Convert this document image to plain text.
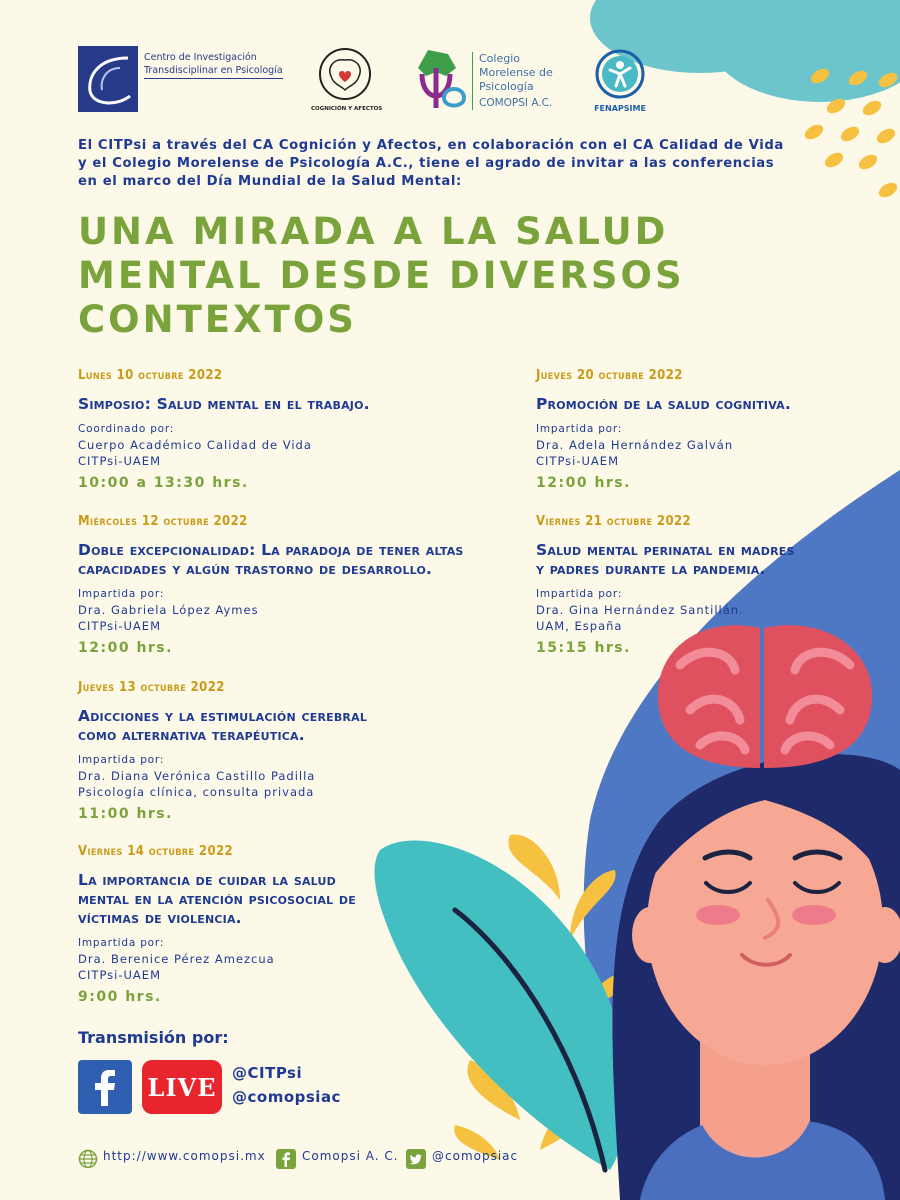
Centro de Investigación
Transdisciplinar en Psicología
COGNICIÓN Y AFECTOS
Colegio
Morelense de
Psicología
COMOPSI A.C.	FENAPSIME
El CITPsi a través del CA Cognición y Afectos, en colaboración con el CA Calidad de Vida
y el Colegio Morelense de Psicología A.C., tiene el agrado de invitar a las conferencias
en el marco del Día Mundial de la Salud Mental:
UNA MIRADA A LA SALUD
MENTAL DESDE DIVERSOS
CONTEXTOS
Lunes 10 octubre 2022
Simposio: Salud mental en el trabajo.
Coordinado por:
Cuerpo Académico Calidad de Vida
CITPsi-UAEM
10:00 a 13:30 hrs.
Miércoles 12 octubre 2022
Doble excepcionalidad: La paradoja de tener altas
capacidades y algún trastorno de desarrollo.
Impartida por:
Dra. Gabriela López Aymes
CITPsi-UAEM
12:00 hrs.
Jueves 13 octubre 2022
Adicciones y la estimulación cerebral
como alternativa terapéutica.
Impartida por:
Dra. Diana Verónica Castillo Padilla
Psicología clínica, consulta privada
11:00 hrs.
Viernes 14 octubre 2022
La importancia de cuidar la salud
mental en la atención psicosocial de
víctimas de violencia.
Impartida por:
Dra. Berenice Pérez Amezcua
CITPsi-UAEM
9:00 hrs.
Jueves 20 octubre 2022
Promoción de la salud cognitiva.
Impartida por:
Dra. Adela Hernández Galván
CITPsi-UAEM
12:00 hrs.
Viernes 21 octubre 2022
Salud mental perinatal en madres
y padres durante la pandemia.
Impartida por:
Dra. Gina Hernández Santillán.
UAM, España
15:15 hrs.
Transmisión por:
LIVE	@CITPsi
@comopsiac
http://www.comopsi.mx	Comopsi A. C.	@comopsiac
